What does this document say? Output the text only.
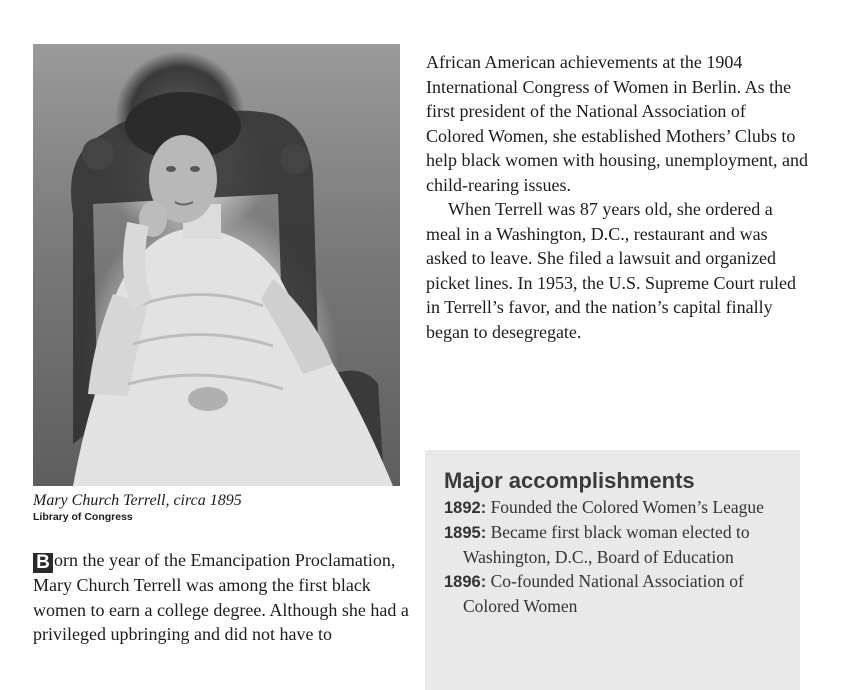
Mary Church Terrell, circa 1895
Library of Congress

B orn the year of the Emancipation Proclamation, Mary Church Terrell was among the first black women to earn a college degree. Although she had a privileged upbringing and did not have to

African American achievements at the 1904 International Congress of Women in Berlin. As the first president of the National Association of Colored Women, she established Mothers’ Clubs to help black women with housing, unemployment, and child-rearing issues.

When Terrell was 87 years old, she ordered a meal in a Washington, D.C., restaurant and was asked to leave. She filed a lawsuit and organized picket lines. In 1953, the U.S. Supreme Court ruled in Terrell’s favor, and the nation’s capital finally began to desegregate.

Major accomplishments
1892: Founded the Colored Women’s League
1895: Became first black woman elected to Washington, D.C., Board of Education
1896: Co-founded National Association of Colored Women
